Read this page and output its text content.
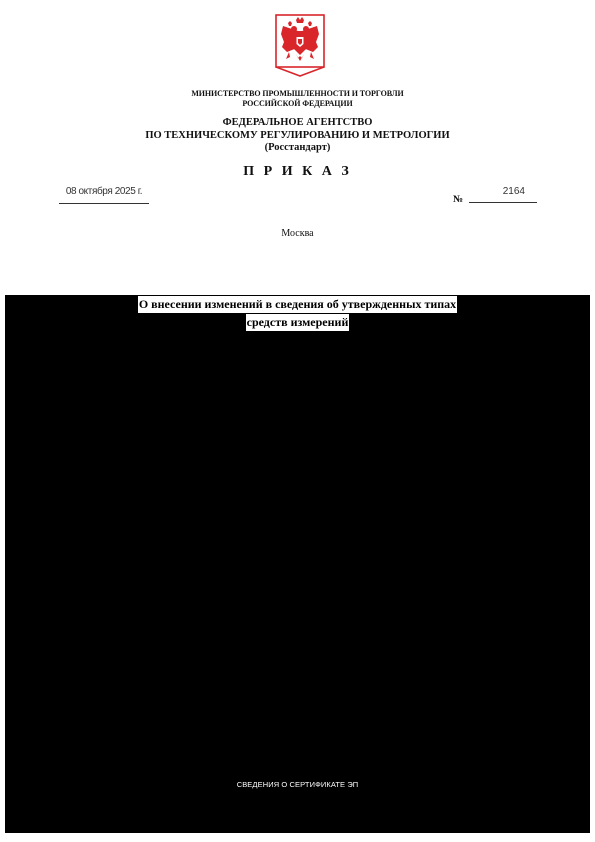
МИНИСТЕРСТВО ПРОМЫШЛЕННОСТИ И ТОРГОВЛИ
РОССИЙСКОЙ ФЕДЕРАЦИИ
ФЕДЕРАЛЬНОЕ АГЕНТСТВО
ПО ТЕХНИЧЕСКОМУ РЕГУЛИРОВАНИЮ И МЕТРОЛОГИИ
(Росстандарт)
П Р И К А З
08 октября 2025 г.
№
2164
Москва
О внесении изменений в сведения об утвержденных типах
средств измерений
СВЕДЕНИЯ О СЕРТИФИКАТЕ ЭП
